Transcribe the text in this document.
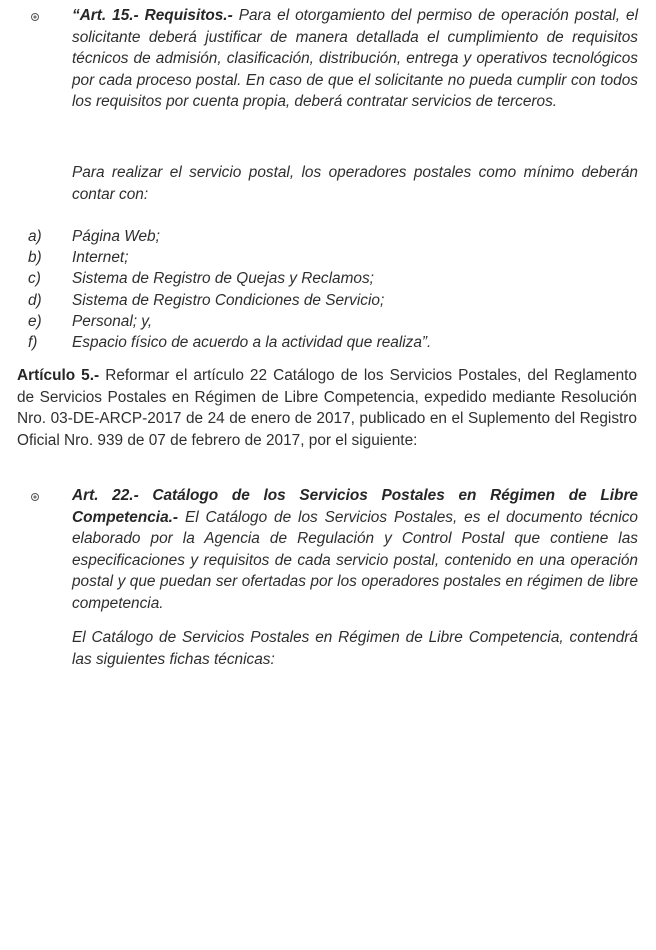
“Art. 15.- Requisitos.- Para el otorgamiento del permiso de operación postal, el solicitante deberá justificar de manera detallada el cumplimiento de requisitos técnicos de admisión, clasificación, distribución, entrega y operativos tecnológicos por cada proceso postal. En caso de que el solicitante no pueda cumplir con todos los requisitos por cuenta propia, deberá contratar servicios de terceros.
Para realizar el servicio postal, los operadores postales como mínimo deberán contar con:
a)	Página Web;
b)	Internet;
c)	Sistema de Registro de Quejas y Reclamos;
d)	Sistema de Registro Condiciones de Servicio;
e)	Personal; y,
f)	Espacio físico de acuerdo a la actividad que realiza”.
Artículo 5.- Reformar el artículo 22 Catálogo de los Servicios Postales, del Reglamento de Servicios Postales en Régimen de Libre Competencia, expedido mediante Resolución Nro. 03-DE-ARCP-2017 de 24 de enero de 2017, publicado en el Suplemento del Registro Oficial Nro. 939 de 07 de febrero de 2017, por el siguiente:
Art. 22.- Catálogo de los Servicios Postales en Régimen de Libre Competencia.- El Catálogo de los Servicios Postales, es el documento técnico elaborado por la Agencia de Regulación y Control Postal que contiene las especificaciones y requisitos de cada servicio postal, contenido en una operación postal y que puedan ser ofertadas por los operadores postales en régimen de libre competencia.
El Catálogo de Servicios Postales en Régimen de Libre Competencia, contendrá las siguientes fichas técnicas:
